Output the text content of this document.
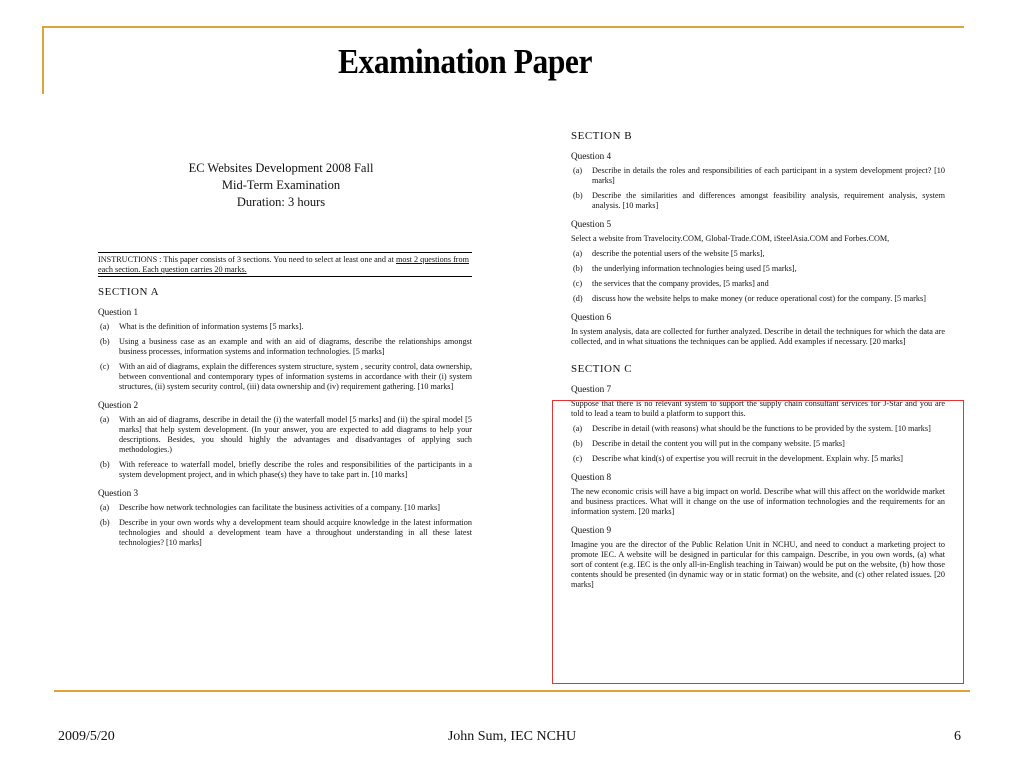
Examination Paper
EC Websites Development 2008 Fall
Mid-Term Examination
Duration: 3 hours
INSTRUCTIONS : This paper consists of 3 sections. You need to select at least one and at most 2 questions from each section. Each question carries 20 marks.
SECTION A
Question 1
(a)	What is the definition of information systems [5 marks].
(b)	Using a business case as an example and with an aid of diagrams, describe the relationships amongst business processes, information systems and information technologies. [5 marks]
(c)	With an aid of diagrams, explain the differences system structure, system , security control, data ownership, between conventional and contemporary types of information systems in accordance with their (i) system structures, (ii) system security control, (iii) data ownership and (iv) requirement gathering. [10 marks]
Question 2
(a)	With an aid of diagrams, describe in detail the (i) the waterfall model [5 marks] and (ii) the spiral model [5 marks] that help system development. (In your answer, you are expected to add diagrams to help your descriptions. Besides, you should highly the advantages and disadvantages of applying such methodologies.)
(b)	With refereace to waterfall model, briefly describe the roles and responsibilities of the participants in a system development project, and in which phase(s) they have to take part in. [10 marks]
Question 3
(a)	Describe how network technologies can facilitate the business activities of a company. [10 marks]
(b)	Describe in your own words why a development team should acquire knowledge in the latest information technologies and should a development team have a throughout understanding in all these latest technologies? [10 marks]
SECTION B
Question 4
(a)	Describe in details the roles and responsibilities of each participant in a system development project? [10 marks]
(b)	Describe the similarities and differences amongst feasibility analysis, requirement analysis, system analysis. [10 marks]
Question 5
Select a website from Travelocity.COM, Global-Trade.COM, iSteelAsia.COM and Forbes.COM,
(a)	describe the potential users of the website [5 marks],
(b)	the underlying information technologies being used [5 marks],
(c)	the services that the company provides, [5 marks] and
(d)	discuss how the website helps to make money (or reduce operational cost) for the company. [5 marks]
Question 6
In system analysis, data are collected for further analyzed. Describe in detail the techniques for which the data are collected, and in what situations the techniques can be applied. Add examples if necessary. [20 marks]
SECTION C
Question 7
Suppose that there is no relevant system to support the supply chain consultant services for J-Star and you are told to lead a team to build a platform to support this.
(a)	Describe in detail (with reasons) what should be the functions to be provided by the system. [10 marks]
(b)	Describe in detail the content you will put in the company website. [5 marks]
(c)	Describe what kind(s) of expertise you will recruit in the development. Explain why. [5 marks]
Question 8
The new economic crisis will have a big impact on world. Describe what will this affect on the worldwide market and business practices. What will it change on the use of information technologies and the requirements for an information system. [20 marks]
Question 9
Imagine you are the director of the Public Relation Unit in NCHU, and need to conduct a marketing project to promote IEC. A website will be designed in particular for this campaign. Describe, in you own words, (a) what sort of content (e.g. IEC is the only all-in-English teaching in Taiwan) would be put on the website, (b) how those contents should be presented (in dynamic way or in static format) on the website, and (c) other related issues. [20 marks]
2009/5/20	John Sum, IEC NCHU	6
